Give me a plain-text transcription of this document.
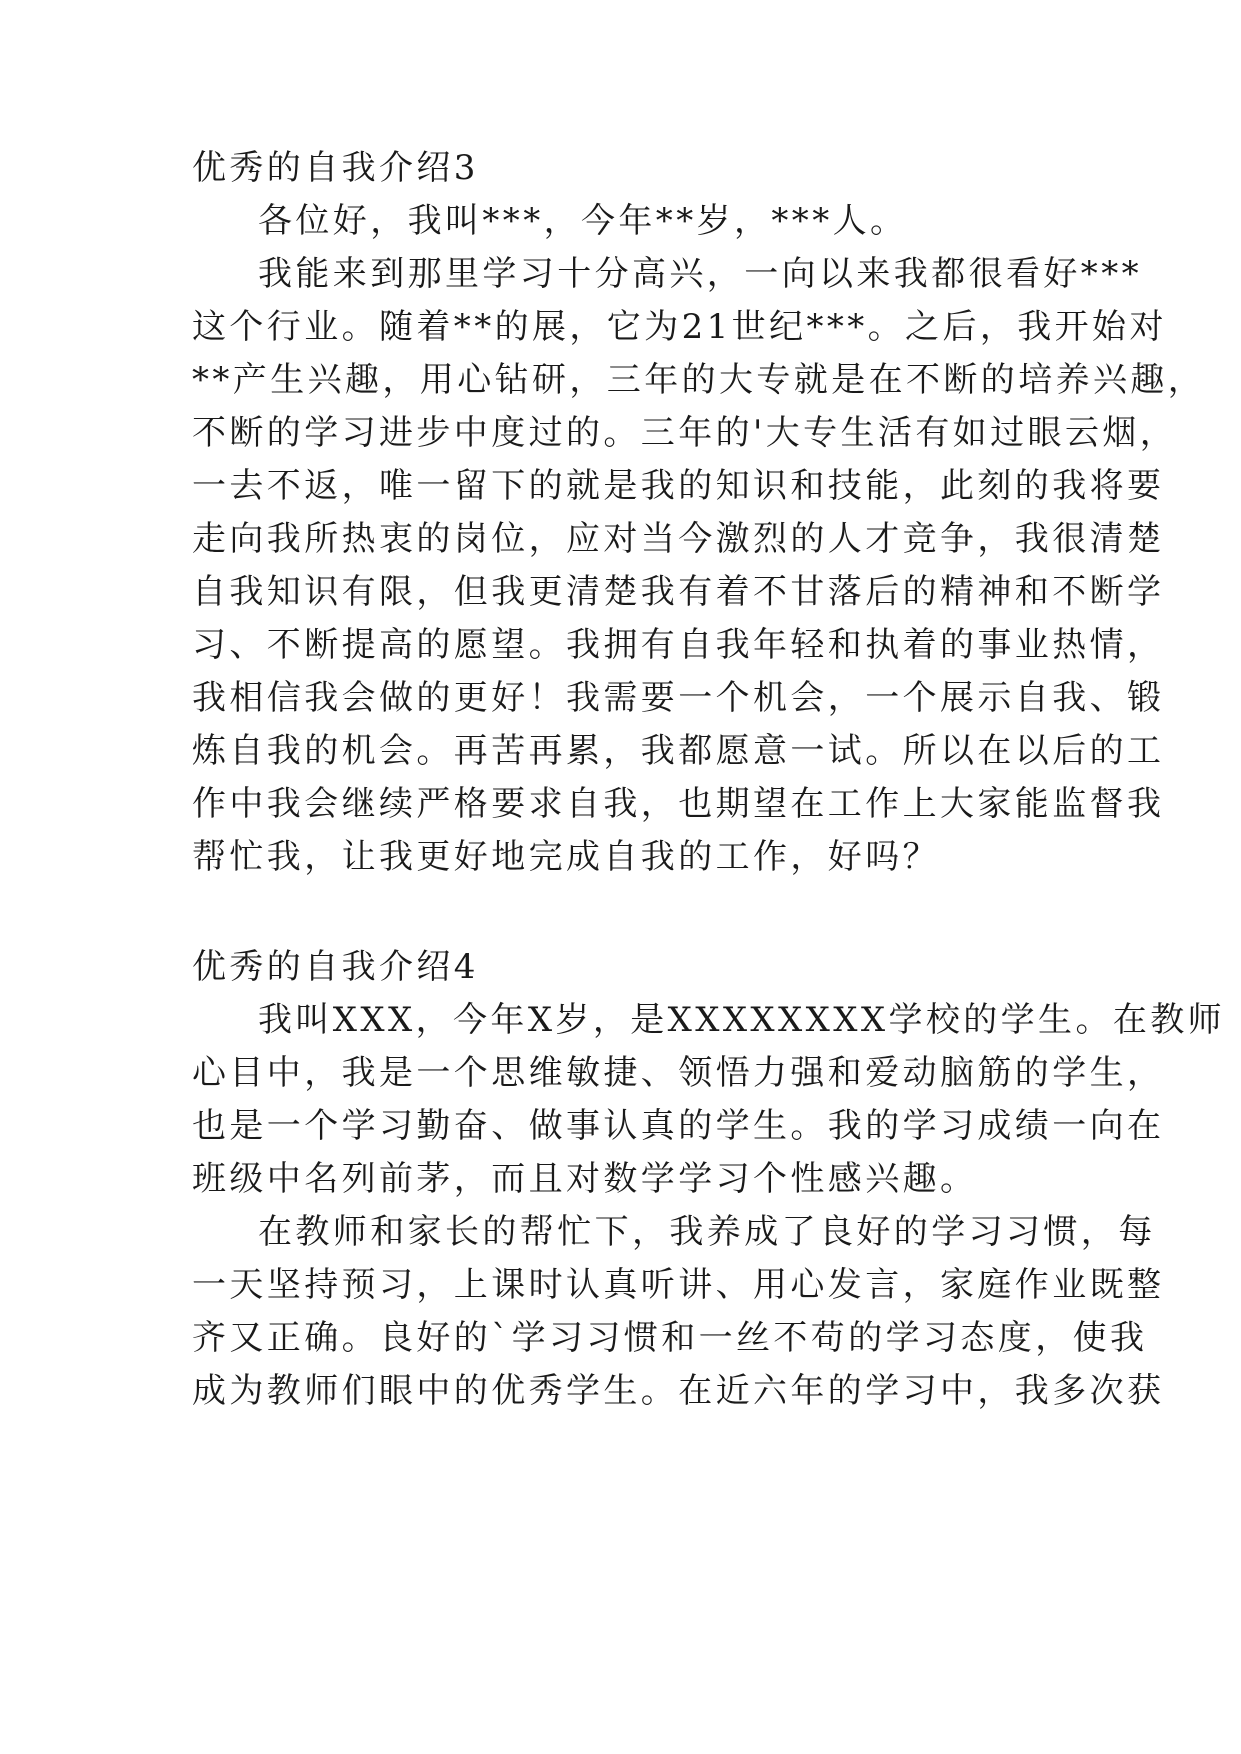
优秀的自我介绍3
各位好，我叫***，今年**岁，***人。
我能来到那里学习十分高兴，一向以来我都很看好***
这个行业。随着**的展，它为21世纪***。之后，我开始对
**产生兴趣，用心钻研，三年的大专就是在不断的培养兴趣，
不断的学习进步中度过的。三年的'大专生活有如过眼云烟，
一去不返，唯一留下的就是我的知识和技能，此刻的我将要
走向我所热衷的岗位，应对当今激烈的人才竞争，我很清楚
自我知识有限，但我更清楚我有着不甘落后的精神和不断学
习、不断提高的愿望。我拥有自我年轻和执着的事业热情，
我相信我会做的更好！我需要一个机会，一个展示自我、锻
炼自我的机会。再苦再累，我都愿意一试。所以在以后的工
作中我会继续严格要求自我，也期望在工作上大家能监督我
帮忙我，让我更好地完成自我的工作，好吗？
优秀的自我介绍4
我叫XXX，今年X岁，是XXXXXXXX学校的学生。在教师
心目中，我是一个思维敏捷、领悟力强和爱动脑筋的学生，
也是一个学习勤奋、做事认真的学生。我的学习成绩一向在
班级中名列前茅，而且对数学学习个性感兴趣。
在教师和家长的帮忙下，我养成了良好的学习习惯，每
一天坚持预习，上课时认真听讲、用心发言，家庭作业既整
齐又正确。良好的`学习习惯和一丝不苟的学习态度，使我
成为教师们眼中的优秀学生。在近六年的学习中，我多次获
